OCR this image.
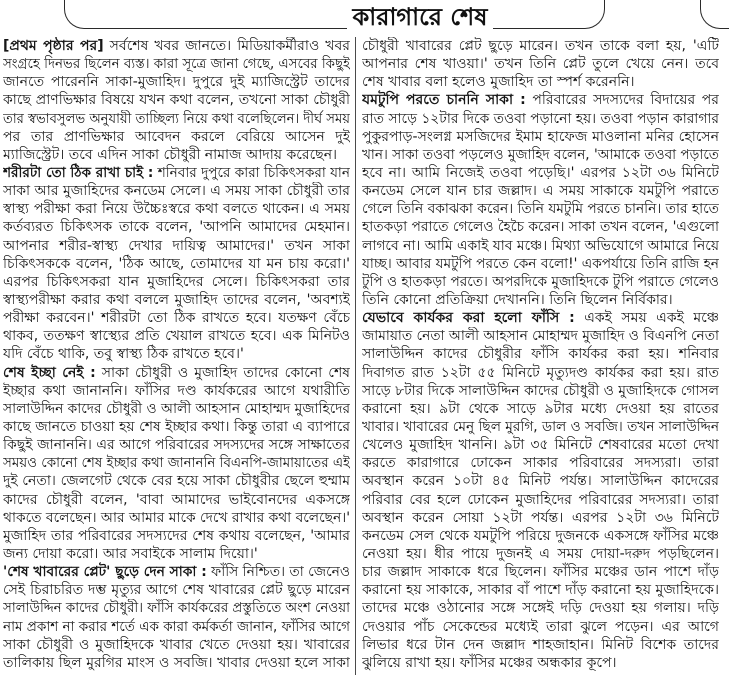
কারাগারে শেষ
[প্রথম পৃষ্ঠার পর] সর্বশেষ খবর জানতে। মিডিয়াকর্মীরাও খবর
সংগ্রহে দিনভর ছিলেন ব্যস্ত। কারা সূত্রে জানা গেছে, এসবের কিছুই
জানতে পারেননি সাকা-মুজাহিদ। দুপুরে দুই ম্যাজিস্ট্রেট তাদের
কাছে প্রাণভিক্ষার বিষয়ে যখন কথা বলেন, তখনো সাকা চৌধুরী
তার স্বভাবসুলভ অনুযায়ী তাচ্ছিল্য নিয়ে কথা বলেছিলেন। দীর্ঘ সময়
পর তার প্রাণভিক্ষার আবেদন করলে বেরিয়ে আসেন দুই
ম্যাজিস্ট্রেট। তবে এদিন সাকা চৌধুরী নামাজ আদায় করেছেন।
শরীরটা তো ঠিক রাখা চাই : শনিবার দুপুরে কারা চিকিৎসকরা যান
সাকা আর মুজাহিদের কনডেম সেলে। এ সময় সাকা চৌধুরী তার
স্বাস্থ্য পরীক্ষা করা নিয়ে উচ্চৈঃস্বরে কথা বলতে থাকেন। এ সময়
কর্তব্যরত চিকিৎসক তাকে বলেন, 'আপনি আমাদের মেহমান।
আপনার শরীর-স্বাস্থ্য দেখার দায়িত্ব আমাদের।' তখন সাকা
চিকিৎসককে বলেন, 'ঠিক আছে, তোমাদের যা মন চায় করো।'
এরপর চিকিৎসকরা যান মুজাহিদের সেলে। চিকিৎসকরা তার
স্বাস্থ্যপরীক্ষা করার কথা বললে মুজাহিদ তাদের বলেন, 'অবশ্যই
পরীক্ষা করবেন।' শরীরটা তো ঠিক রাখতে হবে। যতক্ষণ বেঁচে
থাকব, ততক্ষণ স্বাস্থ্যের প্রতি খেয়াল রাখতে হবে। এক মিনিটও
যদি বেঁচে থাকি, তবু স্বাস্থ্য ঠিক রাখতে হবে।'
শেষ ইচ্ছা নেই : সাকা চৌধুরী ও মুজাহিদ তাদের কোনো শেষ
ইচ্ছার কথা জানাননি। ফাঁসির দণ্ড কার্যকরের আগে যথারীতি
সালাউদ্দিন কাদের চৌধুরী ও আলী আহসান মোহাম্মদ মুজাহিদের
কাছে জানতে চাওয়া হয় শেষ ইচ্ছার কথা। কিন্তু তারা এ ব্যাপারে
কিছুই জানাননি। এর আগে পরিবারের সদস্যদের সঙ্গে সাক্ষাতের
সময়ও কোনো শেষ ইচ্ছার কথা জানাননি বিএনপি-জামায়াতের এই
দুই নেতা। জেলগেট থেকে বের হয়ে সাকা চৌধুরীর ছেলে হুম্মাম
কাদের চৌধুরী বলেন, 'বাবা আমাদের ভাইবোনদের একসঙ্গে
থাকতে বলেছেন। আর আমার মাকে দেখে রাখার কথা বলেছেন।'
মুজাহিদ তার পরিবারের সদস্যদের শেষ কথায় বলেছেন, 'আমার
জন্য দোয়া করো। আর সবাইকে সালাম দিয়ো।'
'শেষ খাবারের প্লেট' ছুড়ে দেন সাকা : ফাঁসি নিশ্চিত। তা জেনেও
সেই চিরাচরিত দম্ভ মৃত্যুর আগে শেষ খাবারের প্লেট ছুড়ে মারেন
সালাউদ্দিন কাদের চৌধুরী। ফাঁসি কার্যকরের প্রস্তুতিতে অংশ নেওয়া
নাম প্রকাশ না করার শর্তে এক কারা কর্মকর্তা জানান, ফাঁসির আগে
সাকা চৌধুরী ও মুজাহিদকে খাবার খেতে দেওয়া হয়। খাবারের
তালিকায় ছিল মুরগির মাংস ও সবজি। খাবার দেওয়া হলে সাকা
চৌধুরী খাবারের প্লেট ছুড়ে মারেন। তখন তাকে বলা হয়, 'এটি
আপনার শেষ খাওয়া।' তখন তিনি প্লেট তুলে খেয়ে নেন। তবে
শেষ খাবার বলা হলেও মুজাহিদ তা স্পর্শ করেননি।
যমটুপি পরতে চাননি সাকা : পরিবারের সদস্যদের বিদায়ের পর
রাত সাড়ে ১২টার দিকে তওবা পড়ানো হয়। তওবা পড়ান কারাগার
পুকুরপাড়-সংলগ্ন মসজিদের ইমাম হাফেজ মাওলানা মনির হোসেন
খান। সাকা তওবা পড়লেও মুজাহিদ বলেন, 'আমাকে তওবা পড়াতে
হবে না। আমি নিজেই তওবা পড়েছি।' এরপর ১২টা ৩৬ মিনিটে
কনডেম সেলে যান চার জল্লাদ। এ সময় সাকাকে যমটুপি পরাতে
গেলে তিনি বকাঝকা করেন। তিনি যমটুমি পরতে চাননি। তার হাতে
হাতকড়া পরাতে গেলেও হৈচৈ করেন। সাকা তখন বলেন, 'এগুলো
লাগবে না। আমি একাই যাব মঞ্চে। মিথ্যা অভিযোগে আমারে নিয়ে
যাচ্ছ। আবার যমটুপি পরতে কেন বলো!' একপর্যায়ে তিনি রাজি হন
টুপি ও হাতকড়া পরতে। অপরদিকে মুজাহিদকে টুপি পরাতে গেলেও
তিনি কোনো প্রতিক্রিয়া দেখাননি। তিনি ছিলেন নির্বিকার।
যেভাবে কার্যকর করা হলো ফাঁসি : একই সময় একই মঞ্চে
জামায়াত নেতা আলী আহসান মোহাম্মদ মুজাহিদ ও বিএনপি নেতা
সালাউদ্দিন কাদের চৌধুরীর ফাঁসি কার্যকর করা হয়। শনিবার
দিবাগত রাত ১২টা ৫৫ মিনিটে মৃত্যুদণ্ড কার্যকর করা হয়। রাত
সাড়ে ৮টার দিকে সালাউদ্দিন কাদের চৌধুরী ও মুজাহিদকে গোসল
করানো হয়। ৯টা থেকে সাড়ে ৯টার মধ্যে দেওয়া হয় রাতের
খাবার। খাবারের মেনু ছিল মুরগি, ডাল ও সবজি। তখন সালাউদ্দিন
খেলেও মুজাহিদ খাননি। ৯টা ৩৫ মিনিটে শেষবারের মতো দেখা
করতে কারাগারে ঢোকেন সাকার পরিবারের সদস্যরা। তারা
অবস্থান করেন ১০টা ৪৫ মিনিট পর্যন্ত। সালাউদ্দিন কাদেরের
পরিবার বের হলে ঢোকেন মুজাহিদের পরিবারের সদস্যরা। তারা
অবস্থান করেন সোয়া ১২টা পর্যন্ত। এরপর ১২টা ৩৬ মিনিটে
কনডেম সেল থেকে যমটুপি পরিয়ে দুজনকে একসঙ্গে ফাঁসির মঞ্চে
নেওয়া হয়। ধীর পায়ে দুজনই এ সময় দোয়া-দরুদ পড়ছিলেন।
চার জল্লাদ সাকাকে ধরে ছিলেন। ফাঁসির মঞ্চের ডান পাশে দাঁড়
করানো হয় সাকাকে, সাকার বাঁ পাশে দাঁড় করানো হয় মুজাহিদকে।
তাদের মঞ্চে ওঠানোর সঙ্গে সঙ্গেই দড়ি দেওয়া হয় গলায়। দড়ি
দেওয়ার পাঁচ সেকেন্ডের মধ্যেই তারা ঝুলে পড়েন। এর আগে
লিভার ধরে টান দেন জল্লাদ শাহজাহান। মিনিট বিশেক তাদের
ঝুলিয়ে রাখা হয়। ফাঁসির মঞ্চের অন্ধকার কূপে।
